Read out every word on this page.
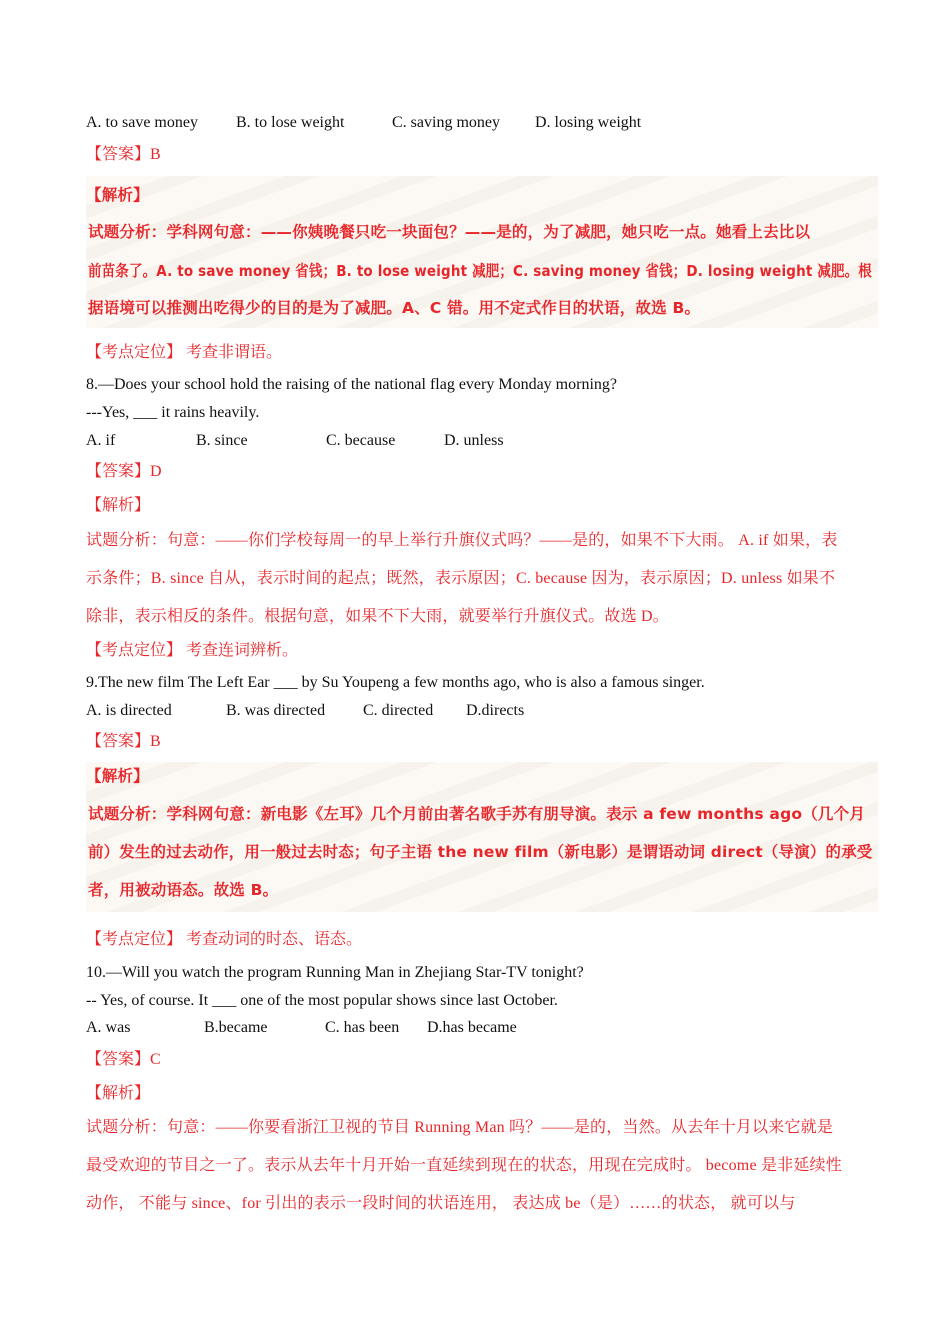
A. to save money B. to lose weight	C. saving money D. losing weight
【答案】B
【解析】
试题分析：学科网句意：——你姨晚餐只吃一块面包？——是的，为了减肥，她只吃一点。她看上去比以
前苗条了。A. to save money 省钱；B. to lose weight 减肥；C. saving money 省钱；D. losing weight 减肥。根
据语境可以推测出吃得少的目的是为了减肥。A、C 错。用不定式作目的状语，故选 B。
【考点定位】 考查非谓语。
8.—Does your school hold the raising of the national flag every Monday morning?
---Yes, ___ it rains heavily.
A. if	B. since	C. because	D. unless
【答案】D
【解析】
试题分析：句意：——你们学校每周一的早上举行升旗仪式吗？——是的，如果不下大雨。 A. if 如果，表
示条件；B. since 自从，表示时间的起点；既然，表示原因；C. because 因为，表示原因；D. unless 如果不
除非，表示相反的条件。根据句意，如果不下大雨，就要举行升旗仪式。故选 D。
【考点定位】 考查连词辨析。
9.The new film The Left Ear ___ by Su Youpeng a few months ago, who is also a famous singer.
A. is directed	B. was directed C. directed D.directs
【答案】B
【解析】
试题分析：学科网句意：新电影《左耳》几个月前由著名歌手苏有朋导演。表示 a few months ago（几个月
前）发生的过去动作，用一般过去时态；句子主语 the new film（新电影）是谓语动词 direct（导演）的承受
者，用被动语态。故选 B。
【考点定位】 考查动词的时态、语态。
10.—Will you watch the program Running Man in Zhejiang Star-TV tonight?
-- Yes, of course. It ___ one of the most popular shows since last October.
A. was	B.became	C. has been D.has became
【答案】C
【解析】
试题分析：句意：——你要看浙江卫视的节目 Running Man 吗？——是的，当然。从去年十月以来它就是
最受欢迎的节目之一了。表示从去年十月开始一直延续到现在的状态，用现在完成时。 become 是非延续性
动作， 不能与 since、for 引出的表示一段时间的状语连用， 表达成 be（是）……的状态， 就可以与
